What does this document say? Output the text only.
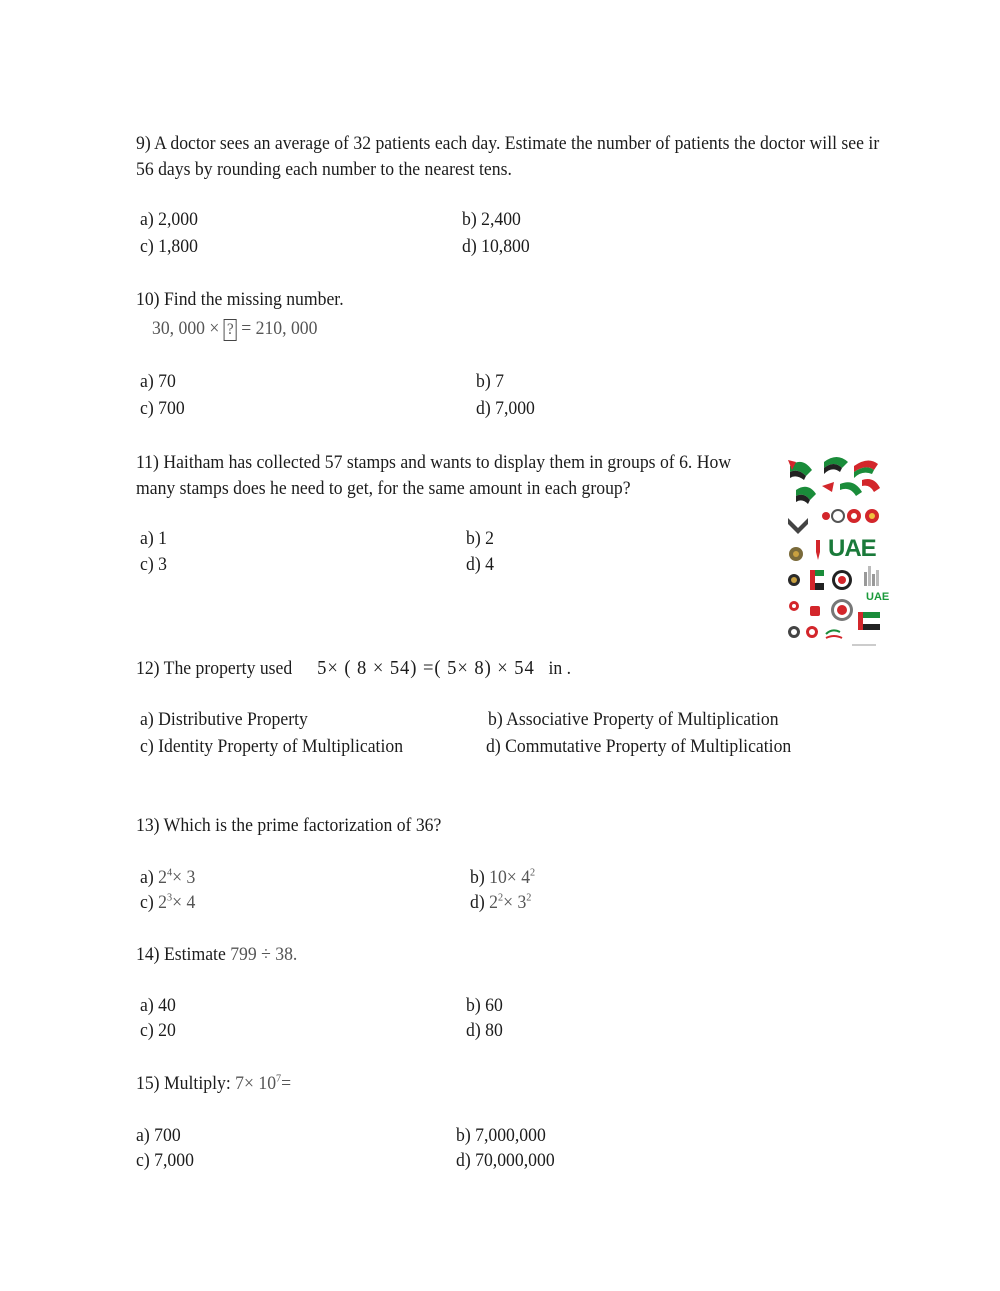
9) A doctor sees an average of 32 patients each day. Estimate the number of patients the doctor will see ir
56 days by rounding each number to the nearest tens.
a) 2,000	b) 2,400
c) 1,800	d) 10,800
10) Find the missing number.
30, 000 × ? = 210, 000
a) 70	b) 7
c) 700	d) 7,000
11) Haitham has collected 57 stamps and wants to display them in groups of 6. How
many stamps does he need to get, for the same amount in each group?
a) 1	b) 2
c) 3	d) 4
UAE
UAE
12) The property used 5× ( 8 × 54) =( 5× 8) × 54 in .
a) Distributive Property	b) Associative Property of Multiplication
c) Identity Property of Multiplication	d) Commutative Property of Multiplication
13) Which is the prime factorization of 36?
a) $2^4\times 3$	b) $10\times 4^2$
c) $2^3\times 4$	d) $2^2\times 3^2$
14) Estimate 799 ÷ 38.
a) 40	b) 60
c) 20	d) 80
15) Multiply: $7\times 10^7=$
a) 700	b) 7,000,000
c) 7,000	d) 70,000,000
